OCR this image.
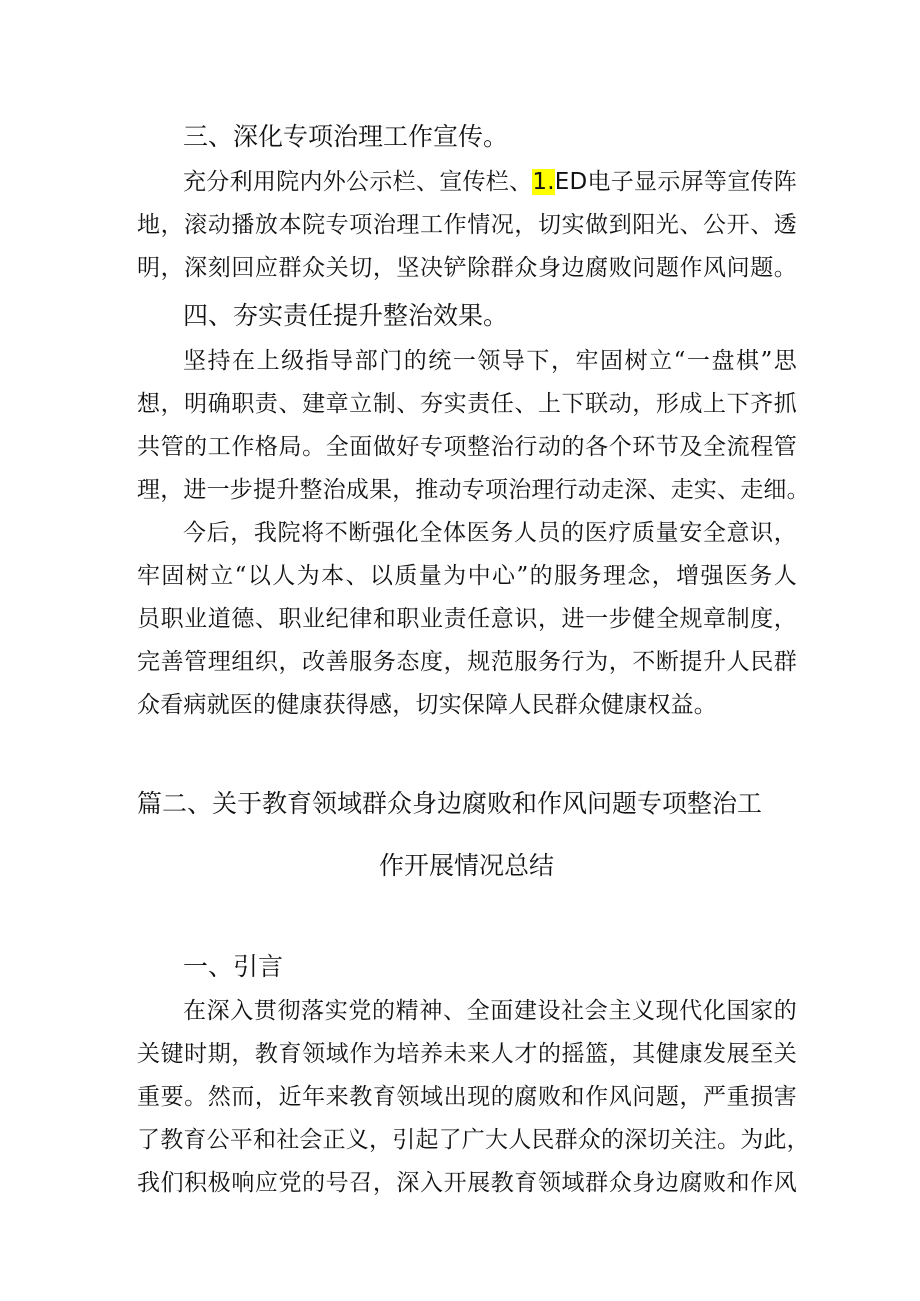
三、深化专项治理工作宣传。

充分利用院内外公示栏、宣传栏、1.ED电子显示屏等宣传阵

地，滚动播放本院专项治理工作情况，切实做到阳光、公开、透

明，深刻回应群众关切，坚决铲除群众身边腐败问题作风问题。

四、夯实责任提升整治效果。

坚持在上级指导部门的统一领导下，牢固树立“一盘棋”思

想，明确职责、建章立制、夯实责任、上下联动，形成上下齐抓

共管的工作格局。全面做好专项整治行动的各个环节及全流程管

理，进一步提升整治成果，推动专项治理行动走深、走实、走细。

今后，我院将不断强化全体医务人员的医疗质量安全意识，

牢固树立“以人为本、以质量为中心”的服务理念，增强医务人

员职业道德、职业纪律和职业责任意识，进一步健全规章制度，

完善管理组织，改善服务态度，规范服务行为，不断提升人民群

众看病就医的健康获得感，切实保障人民群众健康权益。

篇二、关于教育领域群众身边腐败和作风问题专项整治工
作开展情况总结
一、引言

在深入贯彻落实党的精神、全面建设社会主义现代化国家的

关键时期，教育领域作为培养未来人才的摇篮，其健康发展至关

重要。然而，近年来教育领域出现的腐败和作风问题，严重损害

了教育公平和社会正义，引起了广大人民群众的深切关注。为此，

我们积极响应党的号召，深入开展教育领域群众身边腐败和作风
